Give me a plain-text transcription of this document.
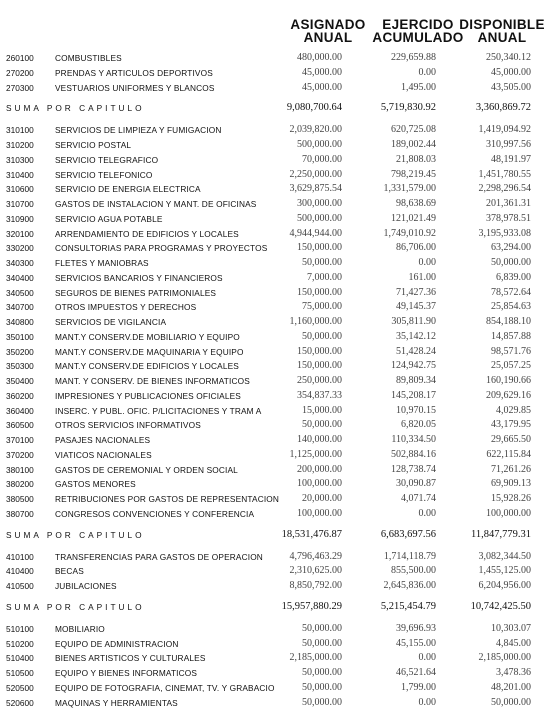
ASIGNADO
ANUAL
EJERCIDO
ACUMULADO
DISPONIBLE
ANUAL
260100	COMBUSTIBLES	480,000.00	229,659.88	250,340.12
270200	PRENDAS Y ARTICULOS DEPORTIVOS	45,000.00	0.00	45,000.00
270300	VESTUARIOS UNIFORMES Y BLANCOS	45,000.00	1,495.00	43,505.00
SUMA POR CAPITULO	9,080,700.64	5,719,830.92	3,360,869.72
310100	SERVICIOS DE LIMPIEZA Y FUMIGACION	2,039,820.00	620,725.08	1,419,094.92
310200	SERVICIO POSTAL	500,000.00	189,002.44	310,997.56
310300	SERVICIO TELEGRAFICO	70,000.00	21,808.03	48,191.97
310400	SERVICIO TELEFONICO	2,250,000.00	798,219.45	1,451,780.55
310600	SERVICIO DE ENERGIA ELECTRICA	3,629,875.54	1,331,579.00	2,298,296.54
310700	GASTOS DE INSTALACION Y MANT. DE OFICINAS	300,000.00	98,638.69	201,361.31
310900	SERVICIO AGUA POTABLE	500,000.00	121,021.49	378,978.51
320100	ARRENDAMIENTO DE EDIFICIOS Y LOCALES	4,944,944.00	1,749,010.92	3,195,933.08
330200	CONSULTORIAS PARA PROGRAMAS Y PROYECTOS	150,000.00	86,706.00	63,294.00
340300	FLETES Y MANIOBRAS	50,000.00	0.00	50,000.00
340400	SERVICIOS BANCARIOS Y FINANCIEROS	7,000.00	161.00	6,839.00
340500	SEGUROS DE BIENES PATRIMONIALES	150,000.00	71,427.36	78,572.64
340700	OTROS IMPUESTOS Y DERECHOS	75,000.00	49,145.37	25,854.63
340800	SERVICIOS DE VIGILANCIA	1,160,000.00	305,811.90	854,188.10
350100	MANT.Y CONSERV.DE MOBILIARIO Y EQUIPO	50,000.00	35,142.12	14,857.88
350200	MANT.Y CONSERV.DE MAQUINARIA Y EQUIPO	150,000.00	51,428.24	98,571.76
350300	MANT.Y CONSERV.DE EDIFICIOS Y LOCALES	150,000.00	124,942.75	25,057.25
350400	MANT. Y CONSERV. DE BIENES INFORMATICOS	250,000.00	89,809.34	160,190.66
360200	IMPRESIONES Y PUBLICACIONES OFICIALES	354,837.33	145,208.17	209,629.16
360400	INSERC. Y PUBL. OFIC. P/LICITACIONES Y TRAM A	15,000.00	10,970.15	4,029.85
360500	OTROS SERVICIOS INFORMATIVOS	50,000.00	6,820.05	43,179.95
370100	PASAJES NACIONALES	140,000.00	110,334.50	29,665.50
370200	VIATICOS NACIONALES	1,125,000.00	502,884.16	622,115.84
380100	GASTOS DE CEREMONIAL Y ORDEN SOCIAL	200,000.00	128,738.74	71,261.26
380200	GASTOS MENORES	100,000.00	30,090.87	69,909.13
380500	RETRIBUCIONES POR GASTOS DE REPRESENTACION 20,000.00	4,071.74	15,928.26
380700	CONGRESOS CONVENCIONES Y CONFERENCIA	100,000.00	0.00	100,000.00
SUMA POR CAPITULO	18,531,476.87	6,683,697.56	11,847,779.31
410100	TRANSFERENCIAS PARA GASTOS DE OPERACION	4,796,463.29	1,714,118.79	3,082,344.50
410400	BECAS	2,310,625.00	855,500.00	1,455,125.00
410500	JUBILACIONES	8,850,792.00	2,645,836.00	6,204,956.00
SUMA POR CAPITULO	15,957,880.29	5,215,454.79	10,742,425.50
510100	MOBILIARIO	50,000.00	39,696.93	10,303.07
510200	EQUIPO DE ADMINISTRACION	50,000.00	45,155.00	4,845.00
510400	BIENES ARTISTICOS Y CULTURALES	2,185,000.00	0.00	2,185,000.00
510500	EQUIPO Y BIENES INFORMATICOS	50,000.00	46,521.64	3,478.36
520500	EQUIPO DE FOTOGRAFIA, CINEMAT, TV. Y GRABACIO	50,000.00	1,799.00	48,201.00
520600	MAQUINAS Y HERRAMIENTAS	50,000.00	0.00	50,000.00
